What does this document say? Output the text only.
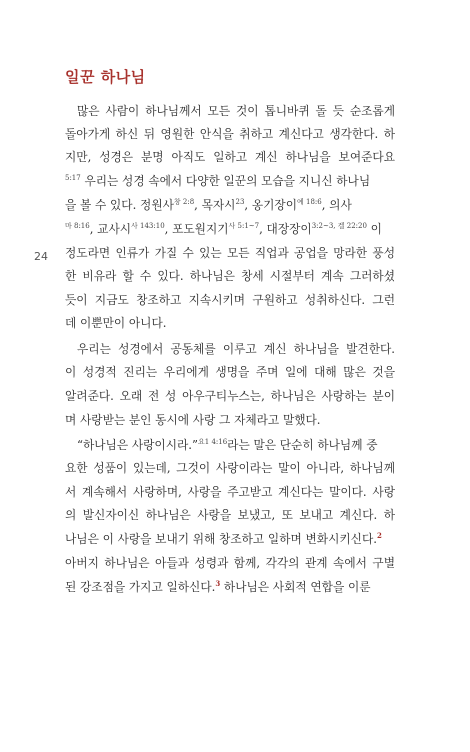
일꾼 하나님
24
많은 사람이 하나님께서 모든 것이 톱니바퀴 돌 듯 순조롭게
돌아가게 하신 뒤 영원한 안식을 취하고 계신다고 생각한다. 하
지만, 성경은 분명 아직도 일하고 계신 하나님을 보여준다요
$^{5:17}$ 우리는 성경 속에서 다양한 일꾼의 모습을 지니신 하나님
을 볼 수 있다. 정원사$^{창 2:8}$, 목자시$^{23}$, 옹기장이$^{예 18:6}$, 의사
$^{마 8:16}$, 교사시$^{사 143:10}$, 포도원지기$^{사 5:1\sim 7}$, 대장장이$^{3:2\sim 3, 겔 22:20}$ 이
정도라면 인류가 가질 수 있는 모든 직업과 공업을 망라한 풍성
한 비유라 할 수 있다. 하나님은 창세 시절부터 계속 그러하셨
듯이 지금도 창조하고 지속시키며 구원하고 성취하신다. 그런
데 이뿐만이 아니다.
우리는 성경에서 공동체를 이루고 계신 하나님을 발견한다.
이 성경적 진리는 우리에게 생명을 주며 일에 대해 많은 것을
알려준다. 오래 전 성 아우구티누스는, 하나님은 사랑하는 분이
며 사랑받는 분인 동시에 사랑 그 자체라고 말했다.
“하나님은 사랑이시라.”$^{요1 4:16}$라는 말은 단순히 하나님께 중
요한 성품이 있는데, 그것이 사랑이라는 말이 아니라, 하나님께
서 계속해서 사랑하며, 사랑을 주고받고 계신다는 말이다. 사랑
의 발신자이신 하나님은 사랑을 보냈고, 또 보내고 계신다. 하
나님은 이 사랑을 보내기 위해 창조하고 일하며 변화시키신다.$^2$
아버지 하나님은 아들과 성령과 함께, 각각의 관계 속에서 구별
된 강조점을 가지고 일하신다.$^3$ 하나님은 사회적 연합을 이룬
